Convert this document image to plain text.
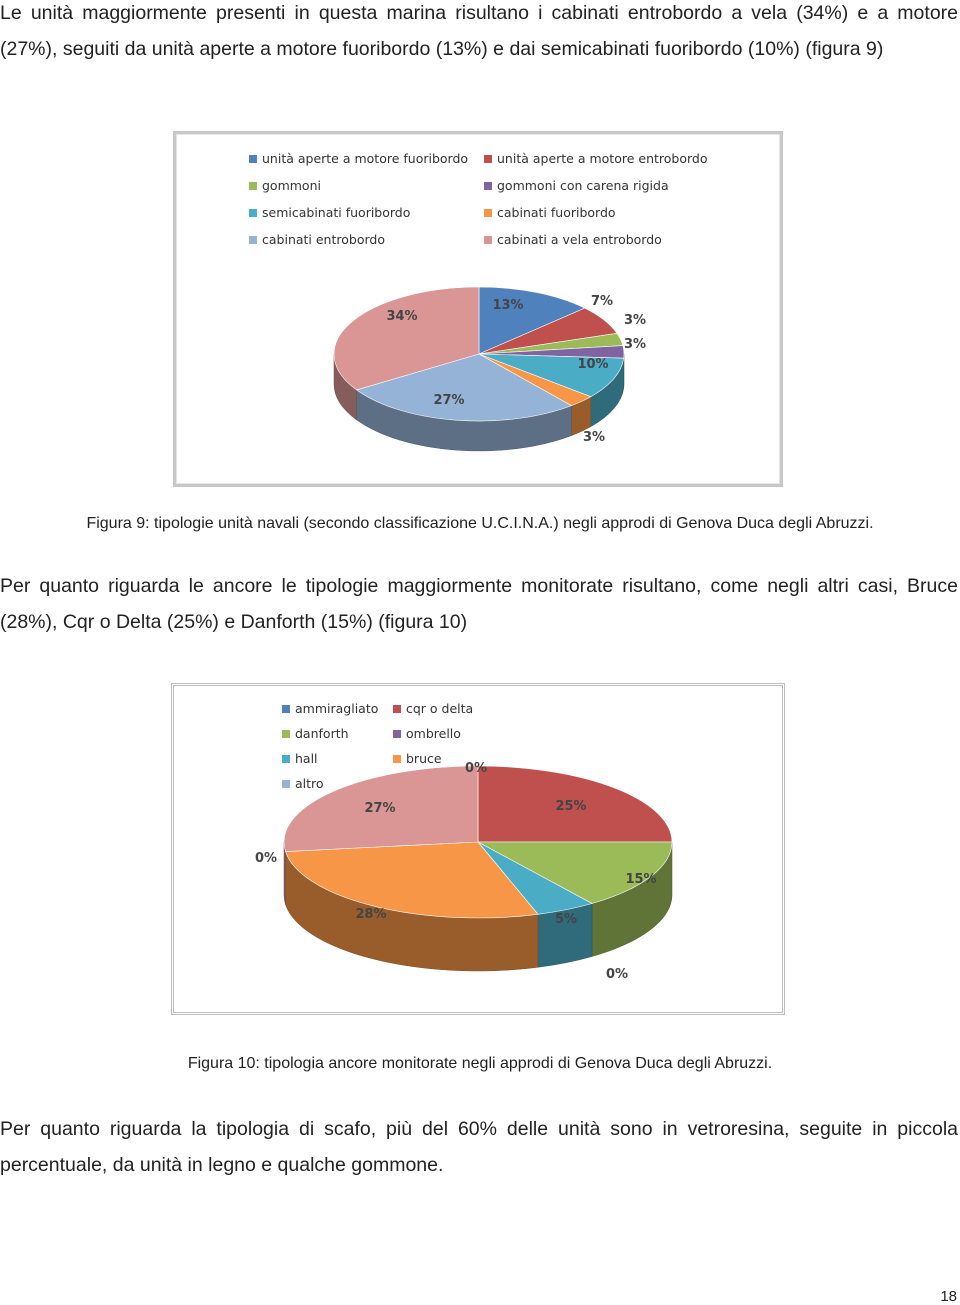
Le unità maggiormente presenti in questa marina risultano i cabinati entrobordo a vela (34%) e a motore (27%), seguiti da unità aperte a motore fuoribordo (13%) e dai semicabinati fuoribordo (10%) (figura 9)

unità aperte a motore fuoribordo unità aperte a motore entrobordo
gommoni	gommoni con carena rigida
semicabinati fuoribordo	cabinati fuoribordo
cabinati entrobordo	cabinati a vela entrobordo
13%	7%
3%
3%
10%
3%
27%
34%

Figura 9: tipologie unità navali (secondo classificazione U.C.I.N.A.) negli approdi di Genova Duca degli Abruzzi.

Per quanto riguarda le ancore le tipologie maggiormente monitorate risultano, come negli altri casi, Bruce (28%), Cqr o Delta (25%) e Danforth (15%) (figura 10)

ammiragliato cqr o delta
danforth	ombrello
hall	bruce
altro
0%
25%
15%
0%
5%
28%
0%
27%

Figura 10: tipologia ancore monitorate negli approdi di Genova Duca degli Abruzzi.

Per quanto riguarda la tipologia di scafo, più del 60% delle unità sono in vetroresina, seguite in piccola percentuale, da unità in legno e qualche gommone.

18
